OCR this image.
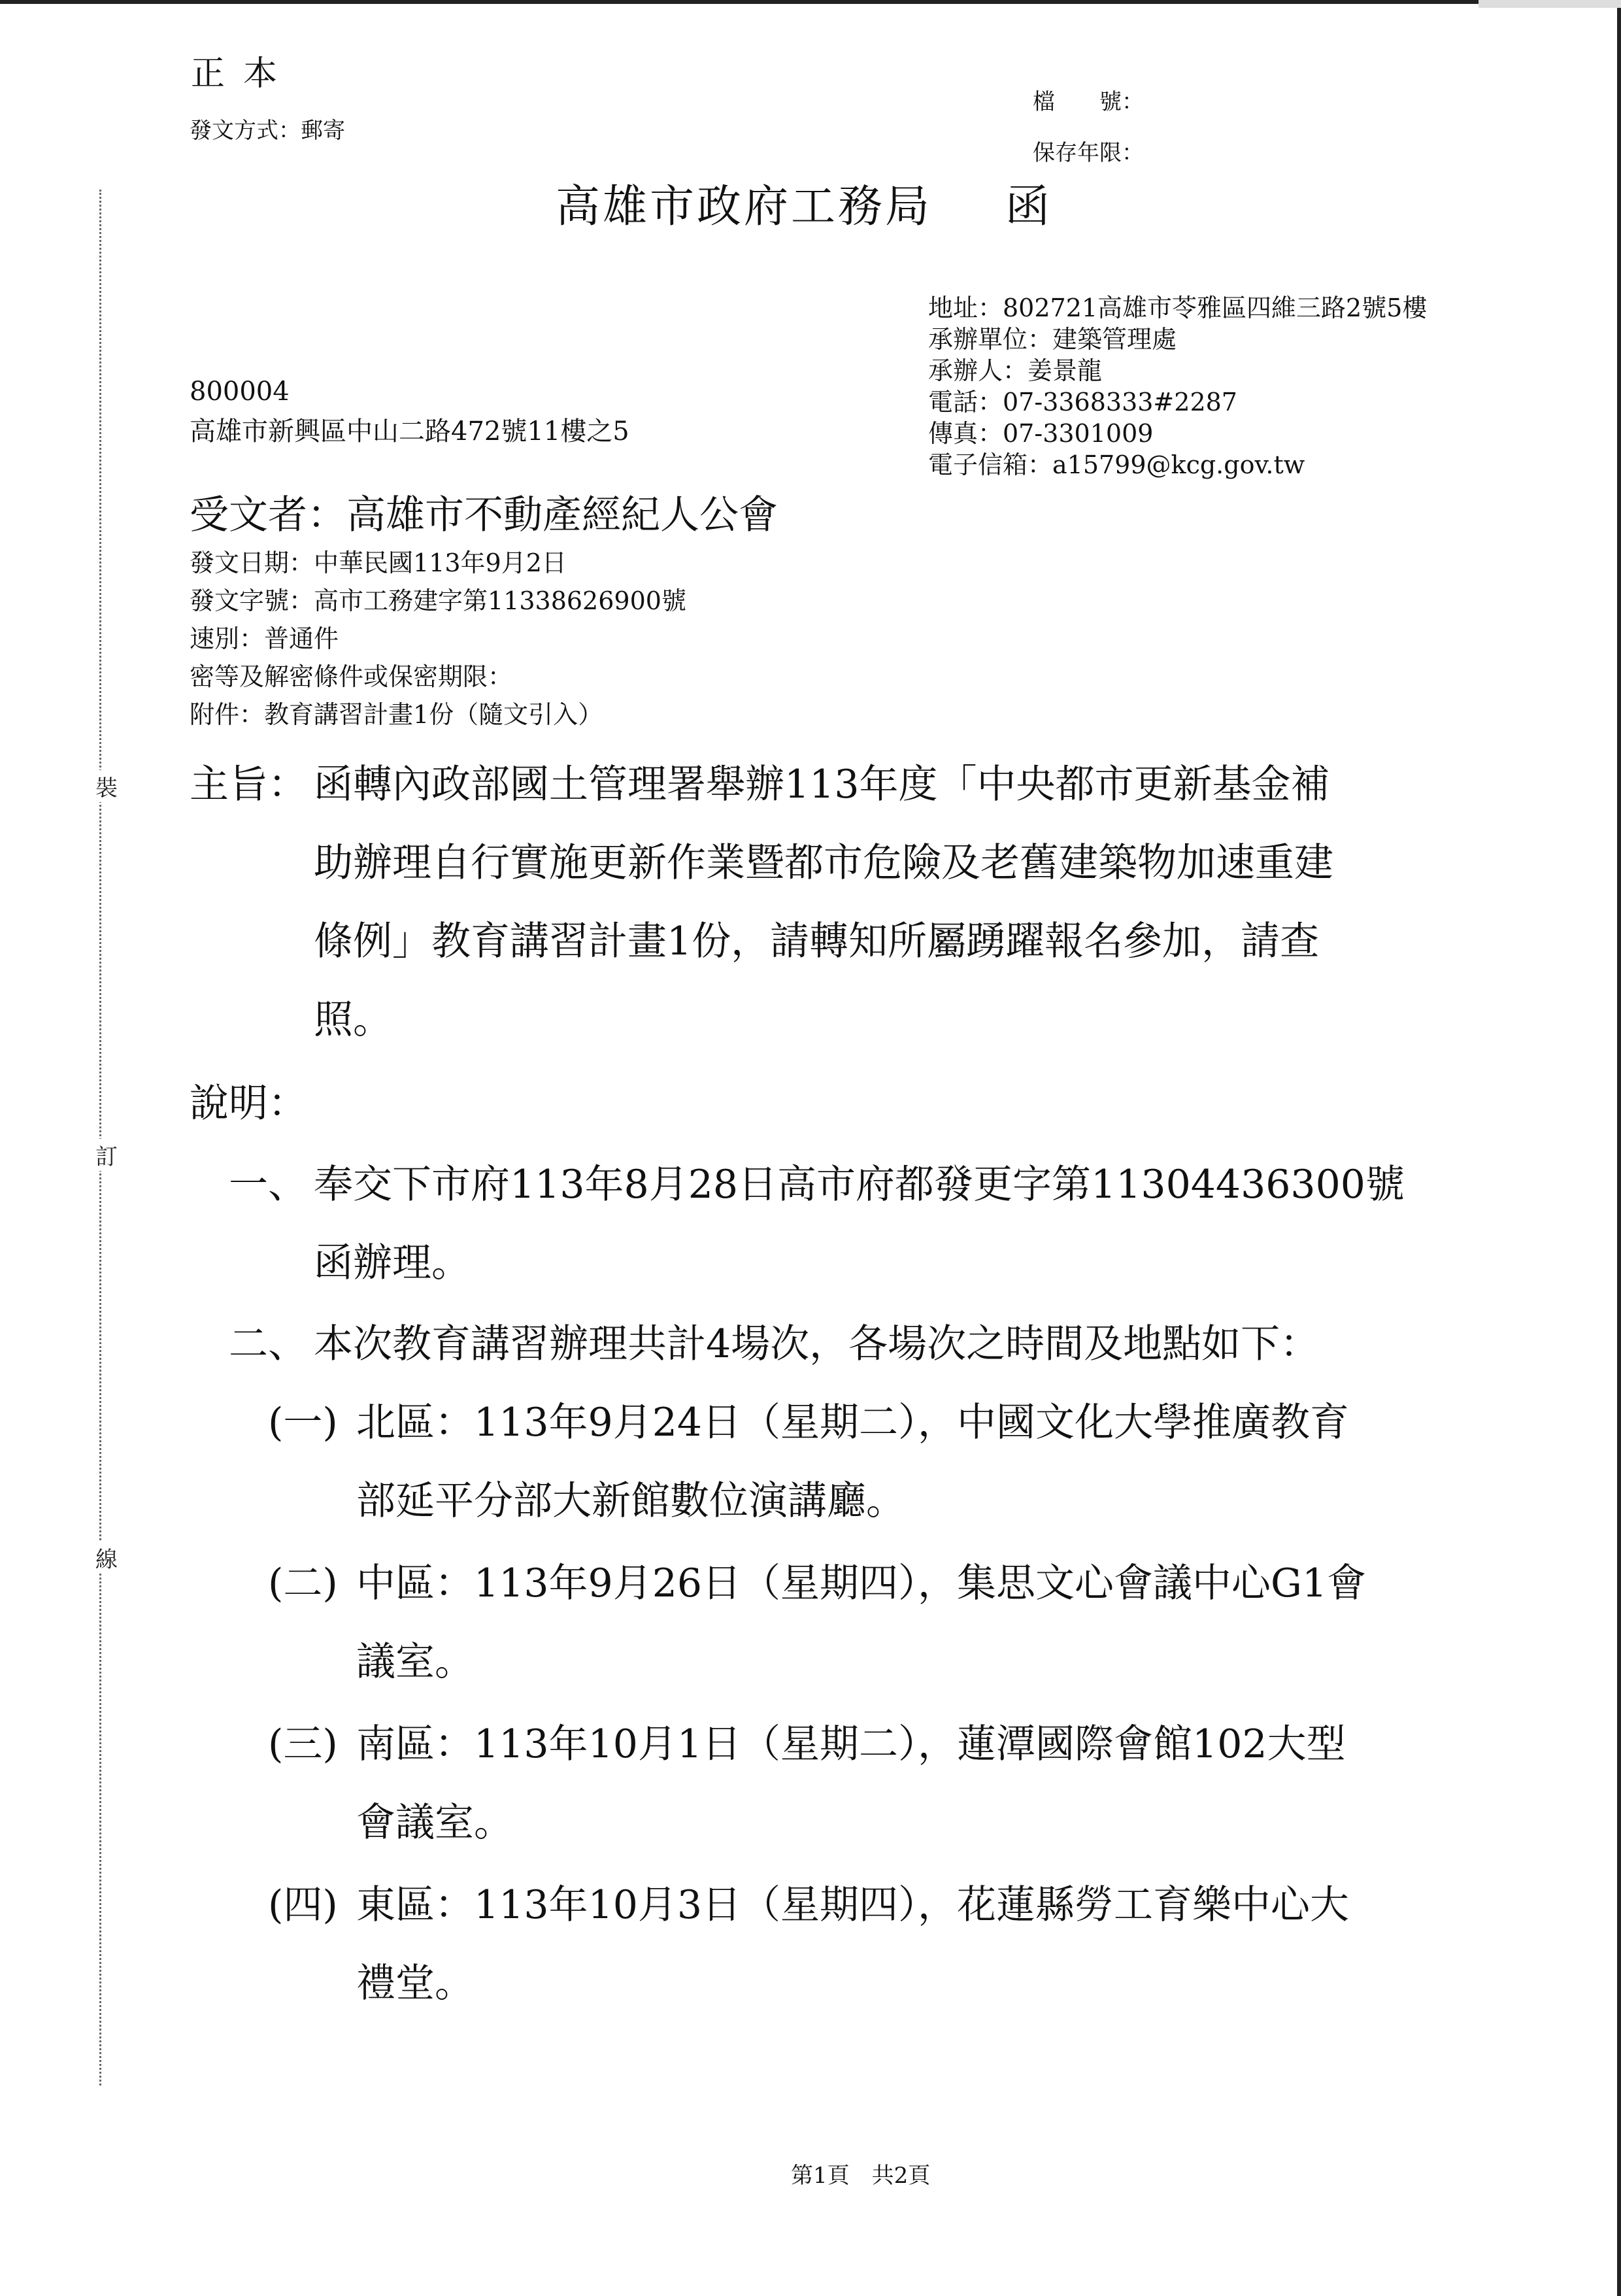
裝
訂
線
正本
發文方式：郵寄
檔　　號：
保存年限：
高雄市政府工務局 函
地址：802721高雄市苓雅區四維三路2號5樓
承辦單位：建築管理處
承辦人：姜景龍
電話：07-3368333#2287
傳真：07-3301009
電子信箱：a15799@kcg.gov.tw
800004
高雄市新興區中山二路472號11樓之5
受文者：高雄市不動產經紀人公會
發文日期：中華民國113年9月2日
發文字號：高市工務建字第11338626900號
速別：普通件
密等及解密條件或保密期限：
附件：教育講習計畫1份（隨文引入）
主旨： 函轉內政部國土管理署舉辦113年度「中央都市更新基金補
助辦理自行實施更新作業暨都市危險及老舊建築物加速重建
條例」教育講習計畫1份，請轉知所屬踴躍報名參加，請查
照。
說明：
一、 奉交下市府113年8月28日高市府都發更字第11304436300號
函辦理。
二、 本次教育講習辦理共計4場次，各場次之時間及地點如下：
(一) 北區：113年9月24日（星期二），中國文化大學推廣教育
部延平分部大新館數位演講廳。
(二) 中區：113年9月26日（星期四），集思文心會議中心G1會
議室。
(三) 南區：113年10月1日（星期二），蓮潭國際會館102大型
會議室。
(四) 東區：113年10月3日（星期四），花蓮縣勞工育樂中心大
禮堂。
第1頁　共2頁
